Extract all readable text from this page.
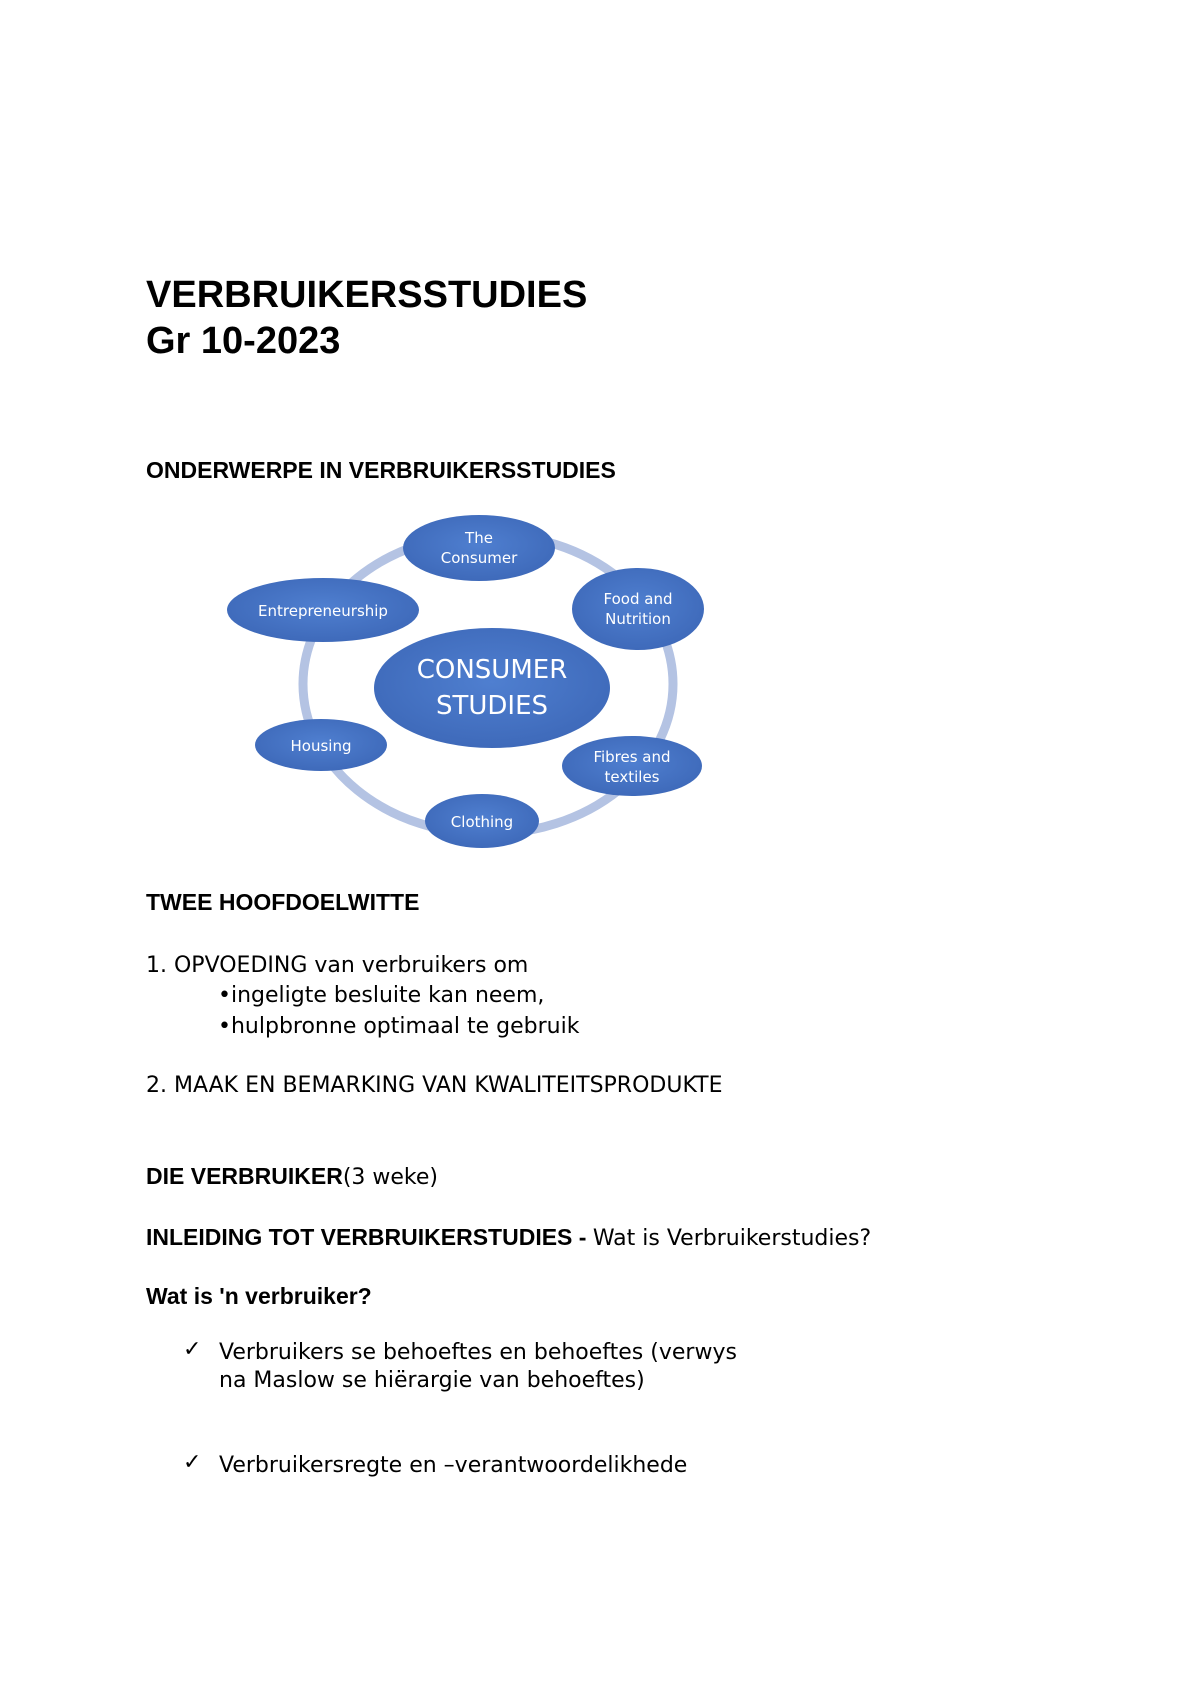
VERBRUIKERSSTUDIES
Gr 10-2023
ONDERWERPE IN VERBRUIKERSSTUDIES
CONSUMER
STUDIES
The
Consumer
Food and
Nutrition
Fibres and
textiles
Clothing
Housing
Entrepreneurship
TWEE HOOFDOELWITTE
1. OPVOEDING van verbruikers om
•ingeligte besluite kan neem,
•hulpbronne optimaal te gebruik
2. MAAK EN BEMARKING VAN KWALITEITSPRODUKTE
DIE VERBRUIKER(3 weke)
INLEIDING TOT VERBRUIKERSTUDIES - Wat is Verbruikerstudies?
Wat is 'n verbruiker?
✓ Verbruikers se behoeftes en behoeftes (verwys na Maslow se hiërargie van behoeftes)
✓ Verbruikersregte en –verantwoordelikhede
